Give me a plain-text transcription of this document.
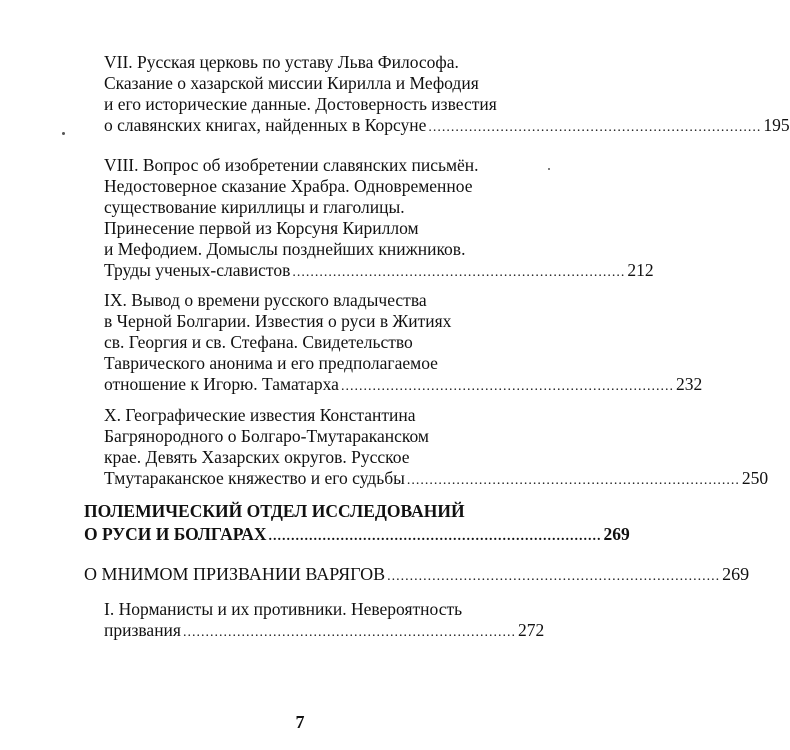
VII. Русская церковь по уставу Льва Философа.
Сказание о хазарской миссии Кирилла и Мефодия
и его исторические данные. Достоверность известия
о славянских книгах, найденных в Корсуне .......................................................................... 195
VIII. Вопрос об изобретении славянских письмён.
Недостоверное сказание Храбра. Одновременное
существование кириллицы и глаголицы.
Принесение первой из Корсуня Кириллом
и Мефодием. Домыслы позднейших книжников.
Труды ученых-славистов .......................................................................... 212
IX. Вывод о времени русского владычества
в Черной Болгарии. Известия о руси в Житиях
св. Георгия и св. Стефана. Свидетельство
Таврического анонима и его предполагаемое
отношение к Игорю. Таматарха .......................................................................... 232
X. Географические известия Константина
Багрянородного о Болгаро-Тмутараканском
крае. Девять Хазарских округов. Русское
Тмутараканское княжество и его судьбы .......................................................................... 250
ПОЛЕМИЧЕСКИЙ ОТДЕЛ ИССЛЕДОВАНИЙ
О РУСИ И БОЛГАРАХ .......................................................................... 269
О МНИМОМ ПРИЗВАНИИ ВАРЯГОВ .......................................................................... 269
I. Норманисты и их противники. Невероятность
призвания .......................................................................... 272
7
